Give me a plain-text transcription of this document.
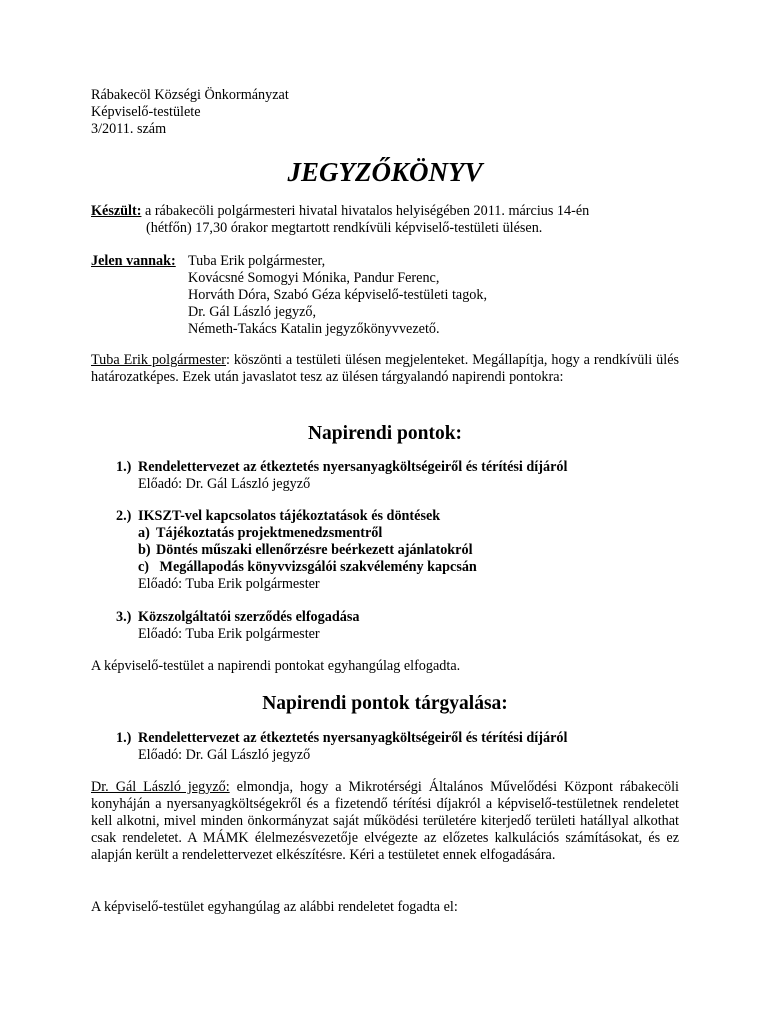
Rábakecöl Községi Önkormányzat
Képviselő-testülete
3/2011. szám
JEGYZŐKÖNYV
Készült: a rábakecöli polgármesteri hivatal hivatalos helyiségében 2011. március 14-én
(hétfőn) 17,30 órakor megtartott rendkívüli képviselő-testületi ülésen.
Jelen vannak: Tuba Erik polgármester,
Kovácsné Somogyi Mónika, Pandur Ferenc,
Horváth Dóra, Szabó Géza képviselő-testületi tagok,
Dr. Gál László jegyző,
Németh-Takács Katalin jegyzőkönyvvezető.
Tuba Erik polgármester: köszönti a testületi ülésen megjelenteket. Megállapítja, hogy a rendkívüli ülés határozatképes. Ezek után javaslatot tesz az ülésen tárgyalandó napirendi pontokra:
Napirendi pontok:
1.) Rendelettervezet az étkeztetés nyersanyagköltségeiről és térítési díjáról
Előadó: Dr. Gál László jegyző
2.) IKSZT-vel kapcsolatos tájékoztatások és döntések
a) Tájékoztatás projektmenedzsmentről
b) Döntés műszaki ellenőrzésre beérkezett ajánlatokról
c) Megállapodás könyvvizsgálói szakvélemény kapcsán
Előadó: Tuba Erik polgármester
3.) Közszolgáltatói szerződés elfogadása
Előadó: Tuba Erik polgármester
A képviselő-testület a napirendi pontokat egyhangúlag elfogadta.
Napirendi pontok tárgyalása:
1.) Rendelettervezet az étkeztetés nyersanyagköltségeiről és térítési díjáról
Előadó: Dr. Gál László jegyző
Dr. Gál László jegyző: elmondja, hogy a Mikrotérségi Általános Művelődési Központ rábakecöli konyháján a nyersanyagköltségekről és a fizetendő térítési díjakról a képviselő-testületnek rendeletet kell alkotni, mivel minden önkormányzat saját működési területére kiterjedő területi hatállyal alkothat csak rendeletet. A MÁMK élelmezésvezetője elvégezte az előzetes kalkulációs számításokat, és ez alapján került a rendelettervezet elkészítésre. Kéri a testületet ennek elfogadására.
A képviselő-testület egyhangúlag az alábbi rendeletet fogadta el:
